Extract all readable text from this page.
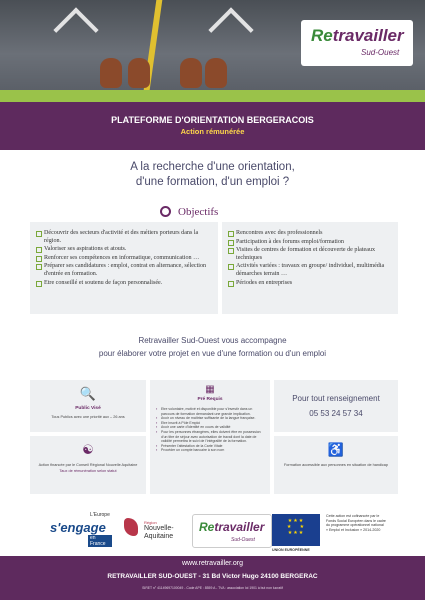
Retravailler
Sud-Ouest
PLATEFORME D'ORIENTATION BERGERACOIS
Action rémunérée
A la recherche d'une orientation,
d'une formation, d'un emploi ?
Objectifs
Découvrir des secteurs d'activité et des métiers porteurs dans la région.
Valoriser ses aspirations et atouts.
Renforcer ses compétences en informatique, communication …
Préparer ses candidatures : emploi, contrat en alternance, sélection d'entrée en formation.
Etre conseillé et soutenu de façon personnalisée.
Rencontres avec des professionnels
Participation à des forums emploi/formation
Visites de centres de formation et découverte de plateaux techniques
Activités variées : travaux en groupe/ individuel, multimédia démarches terrain …
Périodes en entreprises
Retravailler Sud-Ouest vous accompagne
pour élaborer votre projet en vue d'une formation ou d'un emploi
🔍
Public Visé
Tous Publics avec une priorité aux – 26 ans
▦
Pré Requis
▪ Etre volontaire, motivé et disponible pour s'investir dans un parcours de formation demandant une grande implication.
▪ Avoir un niveau de maîtrise suffisante de la langue française.
▪ Etre inscrit à Pôle Emploi
▪ Avoir une carte d'identité en cours de validité
▪ Pour les personnes étrangères, elles doivent être en possession d'un titre de séjour avec autorisation de travail dont la date de validité permettra le suivi de l'intégralité de la formation.
▪ Présenter l'attestation de la Carte Vitale
▪ Procéder un compte bancaire à son nom
Pour tout renseignement
05 53 24 57 34
☯
Action financée par le Conseil Régional Nouvelle Aquitaine
Taux de rémunération selon statut
♿
Formation accessible aux personnes en situation de handicap
L'Europe
s'engage
en France
Région
Nouvelle-
Aquitaine
Retravailler
Sud-Ouest
★★★
★   ★
★★★
UNION EUROPÉENNE
Cette action est cofinancée par le Fonds Social Européen dans le cadre du programme opérationnel national « Emploi et Inclusion » 2014-2020
www.retravailler.org
RETRAVAILLER SUD-OUEST - 31 Bd Victor Hugo 24100 BERGERAC
SIRET n° 41149697100049 - Code APE : 8559 A - TVA : association loi 1901 à but non lucratif
